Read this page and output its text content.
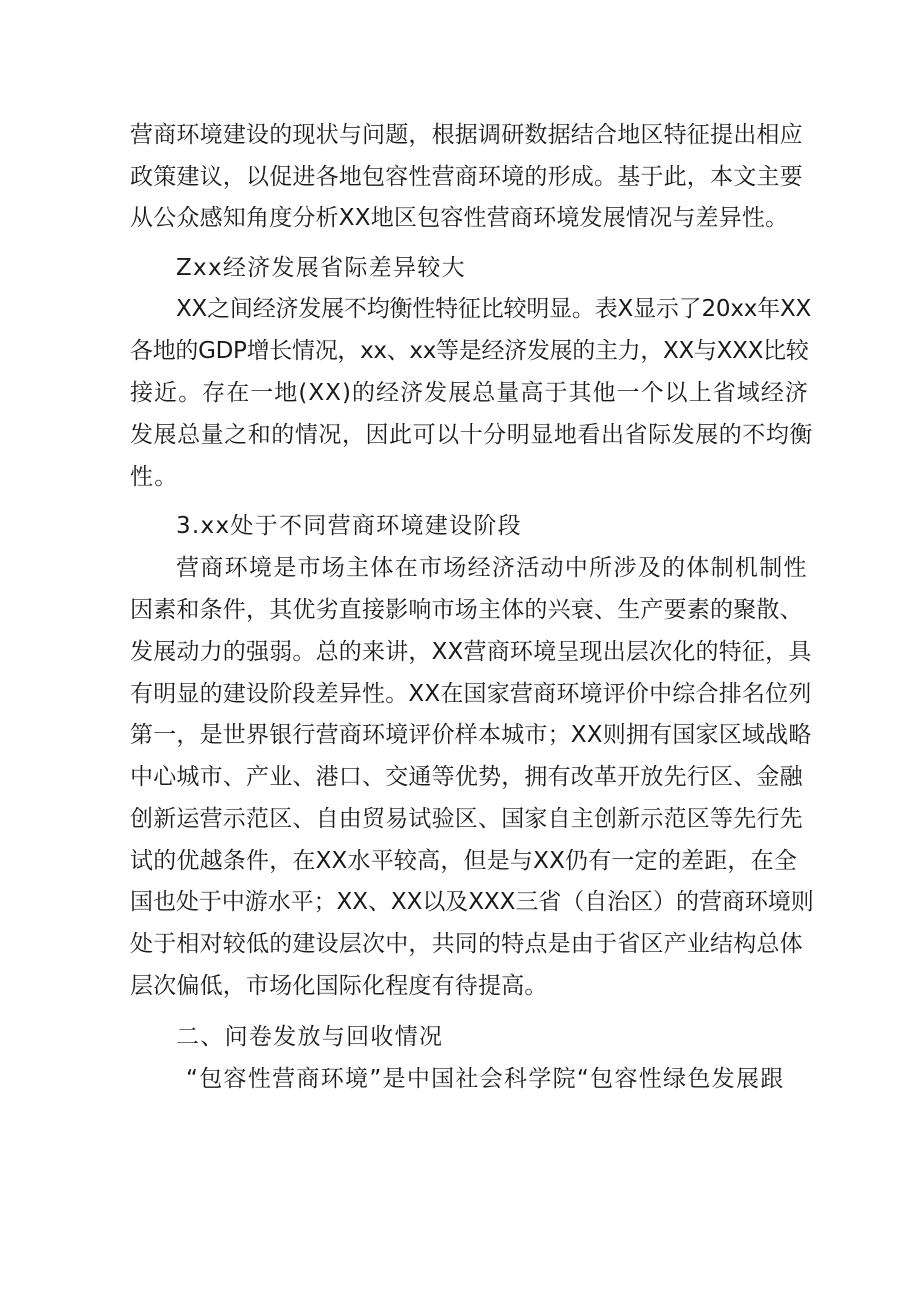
营商环境建设的现状与问题，根据调研数据结合地区特征提出相应

政策建议，以促进各地包容性营商环境的形成。基于此，本文主要

从公众感知角度分析XX地区包容性营商环境发展情况与差异性。

Zxx经济发展省际差异较大

XX之间经济发展不均衡性特征比较明显。表X显示了20xx年XX

各地的GDP增长情况，xx、xx等是经济发展的主力，XX与XXX比较

接近。存在一地(XX)的经济发展总量高于其他一个以上省域经济

发展总量之和的情况，因此可以十分明显地看出省际发展的不均衡

性。

3.xx处于不同营商环境建设阶段

营商环境是市场主体在市场经济活动中所涉及的体制机制性

因素和条件，其优劣直接影响市场主体的兴衰、生产要素的聚散、

发展动力的强弱。总的来讲，XX营商环境呈现出层次化的特征，具

有明显的建设阶段差异性。XX在国家营商环境评价中综合排名位列

第一，是世界银行营商环境评价样本城市；XX则拥有国家区域战略

中心城市、产业、港口、交通等优势，拥有改革开放先行区、金融

创新运营示范区、自由贸易试验区、国家自主创新示范区等先行先

试的优越条件，在XX水平较高，但是与XX仍有一定的差距，在全

国也处于中游水平；XX、XX以及XXX三省（自治区）的营商环境则

处于相对较低的建设层次中，共同的特点是由于省区产业结构总体

层次偏低，市场化国际化程度有待提高。

二、问卷发放与回收情况

“包容性营商环境”是中国社会科学院“包容性绿色发展跟
